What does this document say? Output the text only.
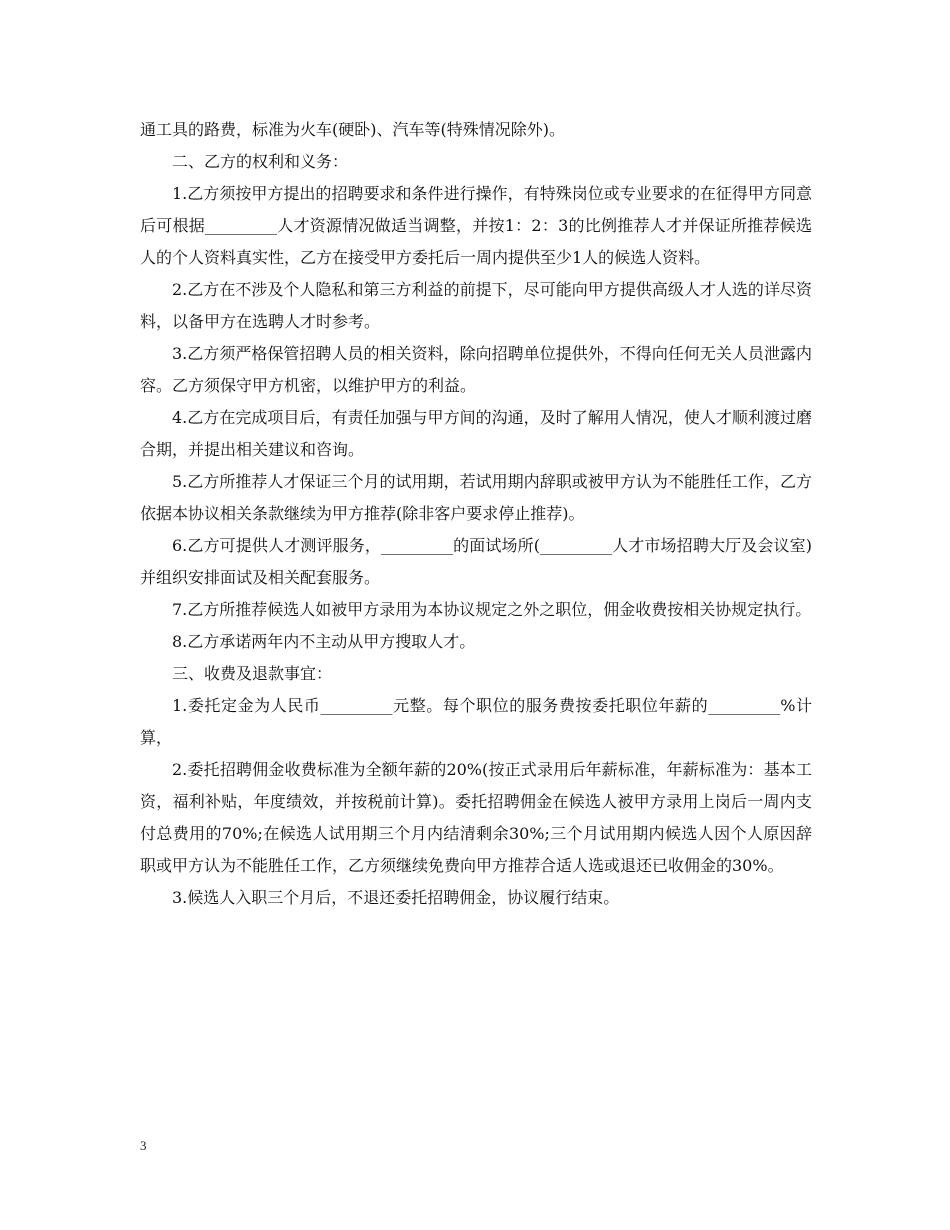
通工具的路费，标准为火车(硬卧)、汽车等(特殊情况除外)。

二、乙方的权利和义务：

1.乙方须按甲方提出的招聘要求和条件进行操作，有特殊岗位或专业要求的在征得甲方同意后可根据_________人才资源情况做适当调整，并按1：2：3的比例推荐人才并保证所推荐候选人的个人资料真实性，乙方在接受甲方委托后一周内提供至少1人的候选人资料。

2.乙方在不涉及个人隐私和第三方利益的前提下，尽可能向甲方提供高级人才人选的详尽资料，以备甲方在选聘人才时参考。

3.乙方须严格保管招聘人员的相关资料，除向招聘单位提供外，不得向任何无关人员泄露内容。乙方须保守甲方机密，以维护甲方的利益。

4.乙方在完成项目后，有责任加强与甲方间的沟通，及时了解用人情况，使人才顺利渡过磨合期，并提出相关建议和咨询。

5.乙方所推荐人才保证三个月的试用期，若试用期内辞职或被甲方认为不能胜任工作，乙方依据本协议相关条款继续为甲方推荐(除非客户要求停止推荐)。

6.乙方可提供人才测评服务，_________的面试场所(_________人才市场招聘大厅及会议室)并组织安排面试及相关配套服务。

7.乙方所推荐候选人如被甲方录用为本协议规定之外之职位，佣金收费按相关协规定执行。

8.乙方承诺两年内不主动从甲方搜取人才。

三、收费及退款事宜：

1.委托定金为人民币_________元整。每个职位的服务费按委托职位年薪的_________%计算，

2.委托招聘佣金收费标准为全额年薪的20%(按正式录用后年薪标准，年薪标准为：基本工资，福利补贴，年度绩效，并按税前计算)。委托招聘佣金在候选人被甲方录用上岗后一周内支付总费用的70%;在候选人试用期三个月内结清剩余30%;三个月试用期内候选人因个人原因辞职或甲方认为不能胜任工作，乙方须继续免费向甲方推荐合适人选或退还已收佣金的30%。

3.候选人入职三个月后，不退还委托招聘佣金，协议履行结束。

3
